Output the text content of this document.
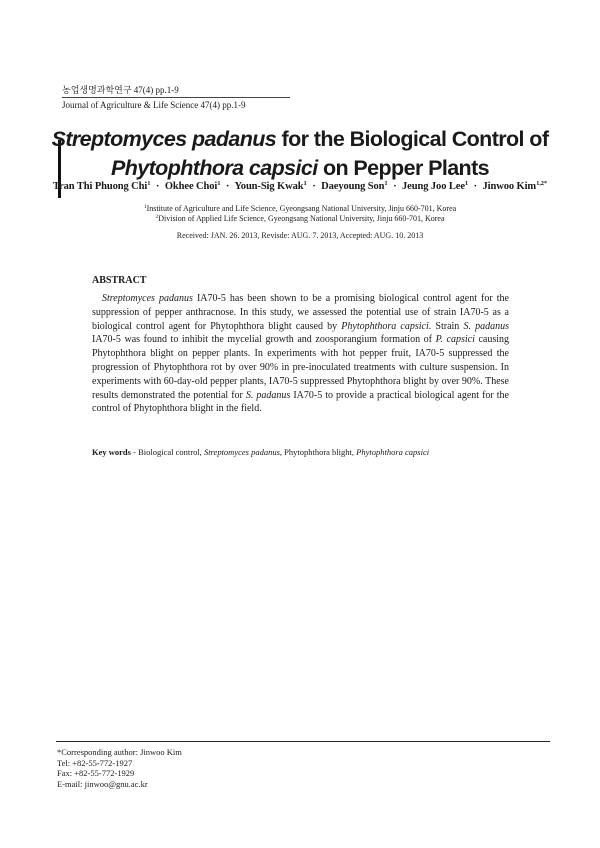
농업생명과학연구 47(4) pp.1-9
Journal of Agriculture & Life Science 47(4) pp.1-9
Streptomyces padanus for the Biological Control of
Phytophthora capsici on Pepper Plants
Tran Thi Phuong Chi$^1$ · Okhee Choi$^1$ · Youn-Sig Kwak$^1$ · Daeyoung Son$^1$ · Jeung Joo Lee$^1$ · Jinwoo Kim$^{1,2*}$
$^1$Institute of Agriculture and Life Science, Gyeongsang National University, Jinju 660-701, Korea
$^2$Division of Applied Life Science, Gyeongsang National University, Jinju 660-701, Korea
Received: JAN. 26. 2013, Revisde: AUG. 7. 2013, Accepted: AUG. 10. 2013
ABSTRACT
Streptomyces padanus IA70-5 has been shown to be a promising biological control agent for the suppression of pepper anthracnose. In this study, we assessed the potential use of strain IA70-5 as a biological control agent for Phytophthora blight caused by Phytophthora capsici. Strain S. padanus IA70-5 was found to inhibit the mycelial growth and zoosporangium formation of P. capsici causing Phytophthora blight on pepper plants. In experiments with hot pepper fruit, IA70-5 suppressed the progression of Phytophthora rot by over 90% in pre-inoculated treatments with culture suspension. In experiments with 60-day-old pepper plants, IA70-5 suppressed Phytophthora blight by over 90%. These results demonstrated the potential for S. padanus IA70-5 to provide a practical biological agent for the control of Phytophthora blight in the field.
Key words - Biological control, Streptomyces padanus, Phytophthora blight, Phytophthora capsici
*Corresponding author: Jinwoo Kim
Tel: +82-55-772-1927
Fax: +82-55-772-1929
E-mail: jinwoo@gnu.ac.kr
